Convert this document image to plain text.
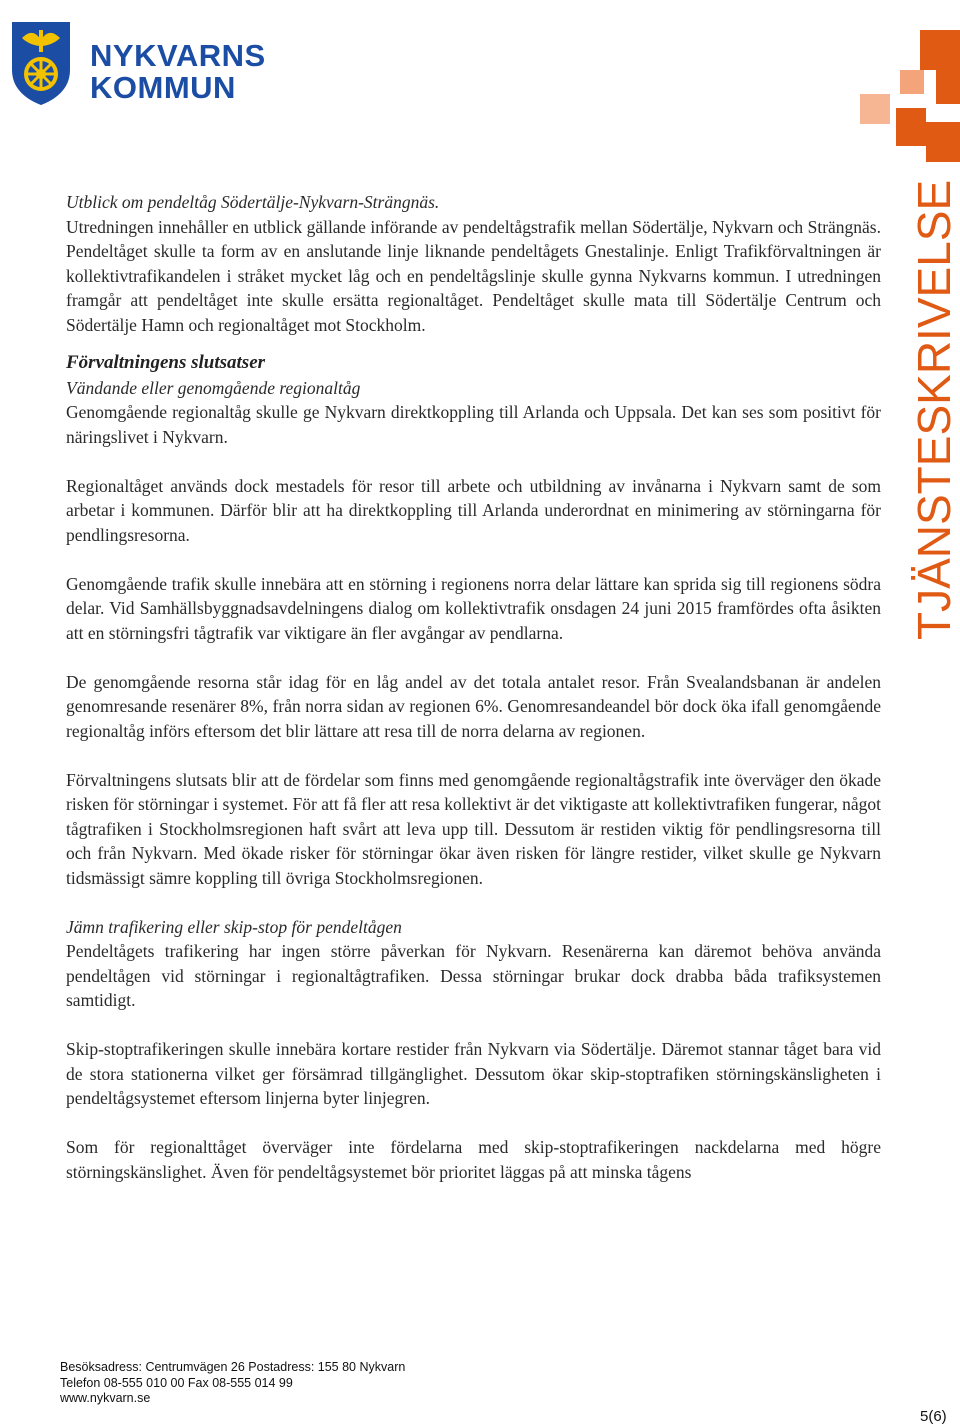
NYKVARNS
KOMMUN
TJÄNSTESKRIVELSE

Utblick om pendeltåg Södertälje-Nykvarn-Strängnäs.

Utredningen innehåller en utblick gällande införande av pendeltågstrafik mellan Södertälje, Nykvarn och Strängnäs. Pendeltåget skulle ta form av en anslutande linje liknande pendeltågets Gnestalinje. Enligt Trafikförvaltningen är kollektivtrafikandelen i stråket mycket låg och en pendeltågslinje skulle gynna Nykvarns kommun. I utredningen framgår att pendeltåget inte skulle ersätta regionaltåget. Pendeltåget skulle mata till Södertälje Centrum och Södertälje Hamn och regionaltåget mot Stockholm.

Förvaltningens slutsatser

Vändande eller genomgående regionaltåg

Genomgående regionaltåg skulle ge Nykvarn direktkoppling till Arlanda och Uppsala. Det kan ses som positivt för näringslivet i Nykvarn.

Regionaltåget används dock mestadels för resor till arbete och utbildning av invånarna i Nykvarn samt de som arbetar i kommunen. Därför blir att ha direktkoppling till Arlanda underordnat en minimering av störningarna för pendlingsresorna.

Genomgående trafik skulle innebära att en störning i regionens norra delar lättare kan sprida sig till regionens södra delar. Vid Samhällsbyggnadsavdelningens dialog om kollektivtrafik onsdagen 24 juni 2015 framfördes ofta åsikten att en störningsfri tågtrafik var viktigare än fler avgångar av pendlarna.

De genomgående resorna står idag för en låg andel av det totala antalet resor. Från Svealandsbanan är andelen genomresande resenärer 8%, från norra sidan av regionen 6%. Genomresandeandel bör dock öka ifall genomgående regionaltåg införs eftersom det blir lättare att resa till de norra delarna av regionen.

Förvaltningens slutsats blir att de fördelar som finns med genomgående regionaltågstrafik inte överväger den ökade risken för störningar i systemet. För att få fler att resa kollektivt är det viktigaste att kollektivtrafiken fungerar, något tågtrafiken i Stockholmsregionen haft svårt att leva upp till. Dessutom är restiden viktig för pendlingsresorna till och från Nykvarn. Med ökade risker för störningar ökar även risken för längre restider, vilket skulle ge Nykvarn tidsmässigt sämre koppling till övriga Stockholmsregionen.

Jämn trafikering eller skip-stop för pendeltågen

Pendeltågets trafikering har ingen större påverkan för Nykvarn. Resenärerna kan däremot behöva använda pendeltågen vid störningar i regionaltågtrafiken. Dessa störningar brukar dock drabba båda trafiksystemen samtidigt.

Skip-stoptrafikeringen skulle innebära kortare restider från Nykvarn via Södertälje. Däremot stannar tåget bara vid de stora stationerna vilket ger försämrad tillgänglighet. Dessutom ökar skip-stoptrafiken störningskänsligheten i pendeltågsystemet eftersom linjerna byter linjegren.

Som för regionalttåget överväger inte fördelarna med skip-stoptrafikeringen nackdelarna med högre störningskänslighet. Även för pendeltågsystemet bör prioritet läggas på att minska tågens

Besöksadress: Centrumvägen 26 Postadress: 155 80 Nykvarn
Telefon 08-555 010 00 Fax 08-555 014 99
www.nykvarn.se
5(6)
